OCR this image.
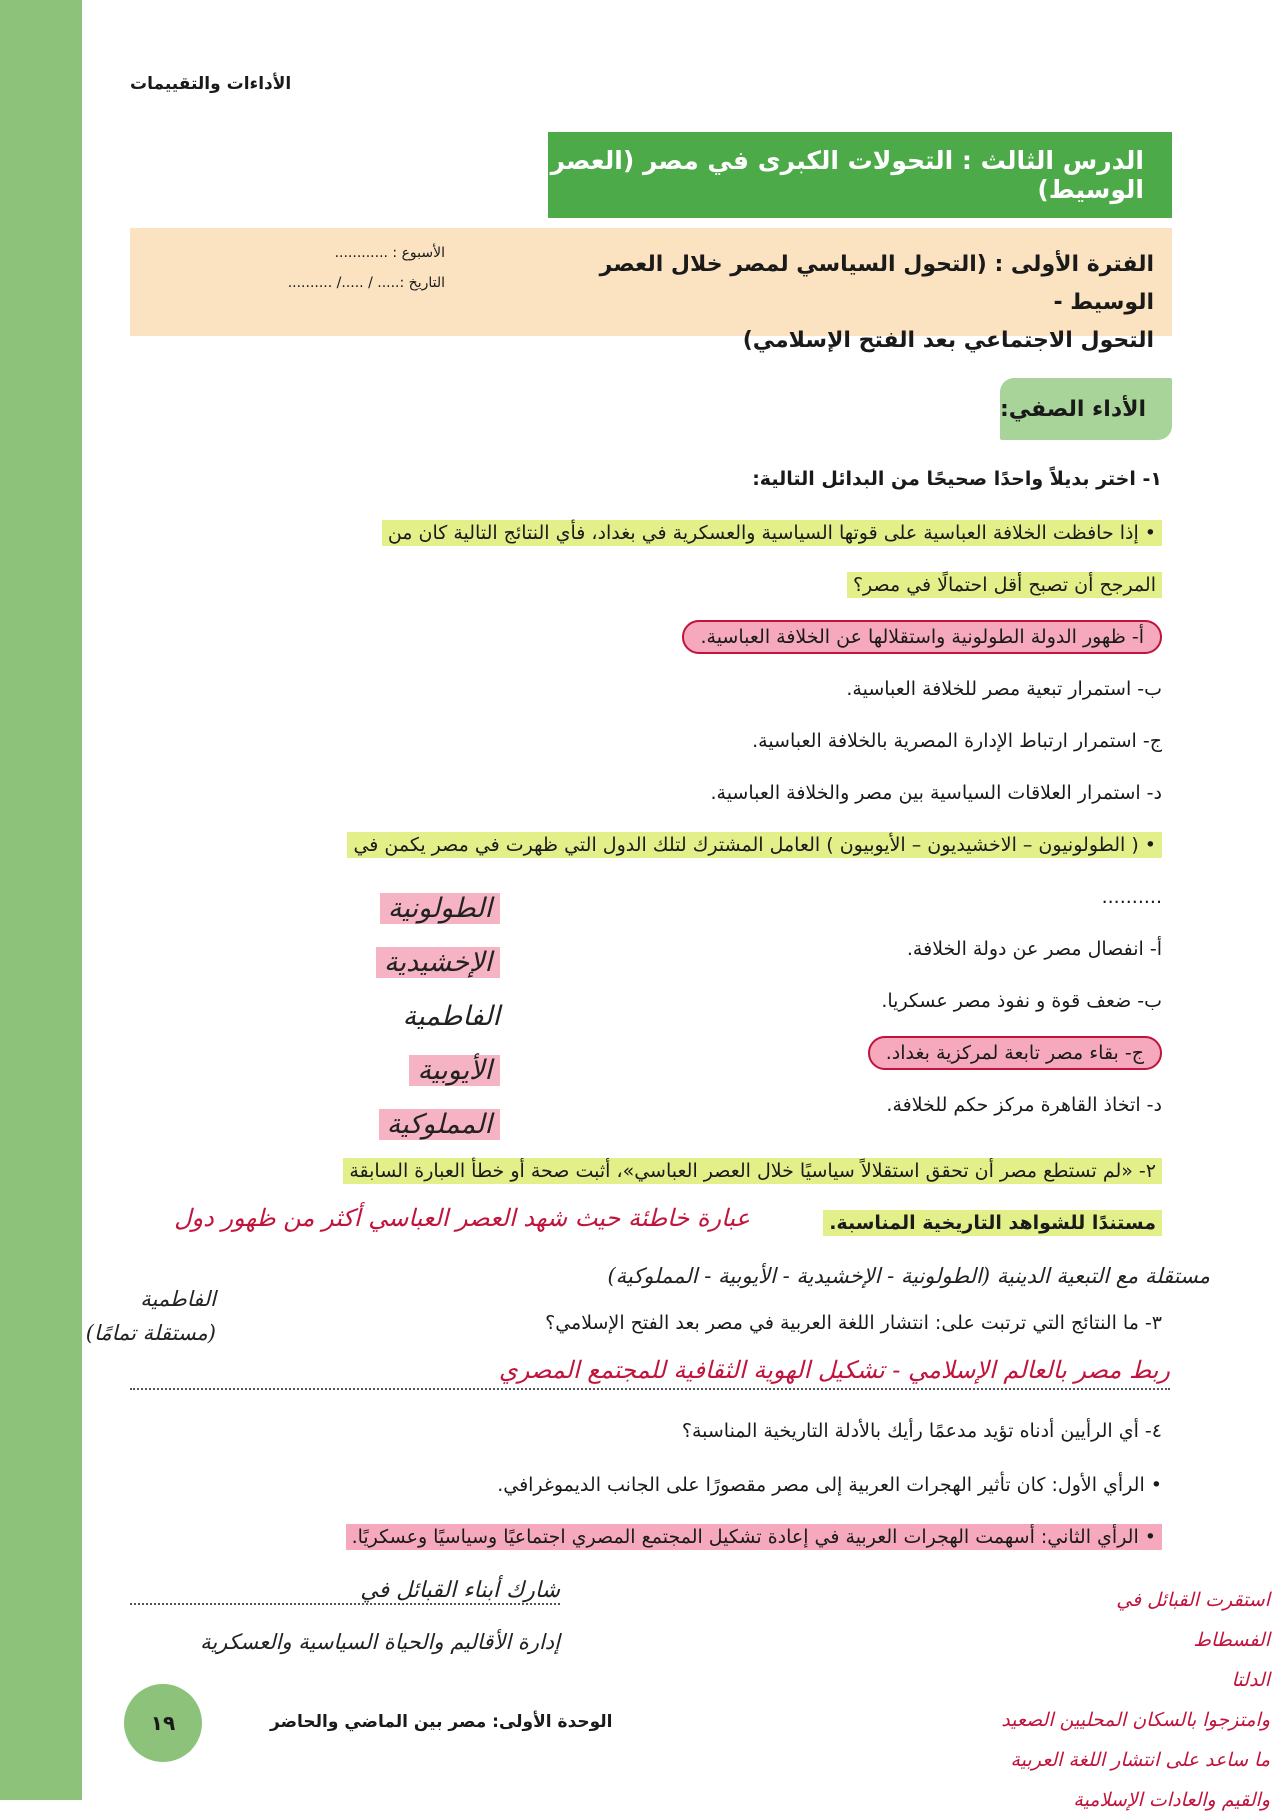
الأداءات والتقييمات
الدرس الثالث : التحولات الكبرى في مصر (العصر الوسيط)
الفترة الأولى : (التحول السياسي لمصر خلال العصر الوسيط -
التحول الاجتماعي بعد الفتح الإسلامي)
الأسبوع : ............
التاريخ :..... / ...../ ..........
الأداء الصفي:
١- اختر بديلاً واحدًا صحيحًا من البدائل التالية:
• إذا حافظت الخلافة العباسية على قوتها السياسية والعسكرية في بغداد، فأي النتائج التالية كان من
المرجح أن تصبح أقل احتمالًا في مصر؟
أ- ظهور الدولة الطولونية واستقلالها عن الخلافة العباسية.
ب- استمرار تبعية مصر للخلافة العباسية.
ج- استمرار ارتباط الإدارة المصرية بالخلافة العباسية.
د- استمرار العلاقات السياسية بين مصر والخلافة العباسية.
• ( الطولونيون – الاخشيديون – الأيوبيون ) العامل المشترك لتلك الدول التي ظهرت في مصر يكمن في
..........
أ- انفصال مصر عن دولة الخلافة.
ب- ضعف قوة و نفوذ مصر عسكريا.
ج- بقاء مصر تابعة لمركزية بغداد.
د- اتخاذ القاهرة مركز حكم للخلافة.
الطولونية
الإخشيدية
الفاطمية
الأيوبية
المملوكية
٢- «لم تستطع مصر أن تحقق استقلالاً سياسيًا خلال العصر العباسي»، أثبت صحة أو خطأ العبارة السابقة
مستندًا للشواهد التاريخية المناسبة.
عبارة خاطئة حيث شهد العصر العباسي أكثر من ظهور دول
مستقلة مع التبعية الدينية (الطولونية - الإخشيدية - الأيوبية - المملوكية)
الفاطمية
(مستقلة تمامًا)	٣- ما النتائج التي ترتبت على: انتشار اللغة العربية في مصر بعد الفتح الإسلامي؟
ربط مصر بالعالم الإسلامي - تشكيل الهوية الثقافية للمجتمع المصري
٤- أي الرأيين أدناه تؤيد مدعمًا رأيك بالأدلة التاريخية المناسبة؟
• الرأي الأول: كان تأثير الهجرات العربية إلى مصر مقصورًا على الجانب الديموغرافي.
• الرأي الثاني: أسهمت الهجرات العربية في إعادة تشكيل المجتمع المصري اجتماعيًا وسياسيًا وعسكريًا.
شارك أبناء القبائل في
إدارة الأقاليم والحياة السياسية والعسكرية
استقرت القبائل في
الفسطاط
الدلتا
وامتزجوا بالسكان المحليين الصعيد
ما ساعد على انتشار اللغة العربية
والقيم والعادات الإسلامية
١٩	الوحدة الأولى: مصر بين الماضي والحاضر
